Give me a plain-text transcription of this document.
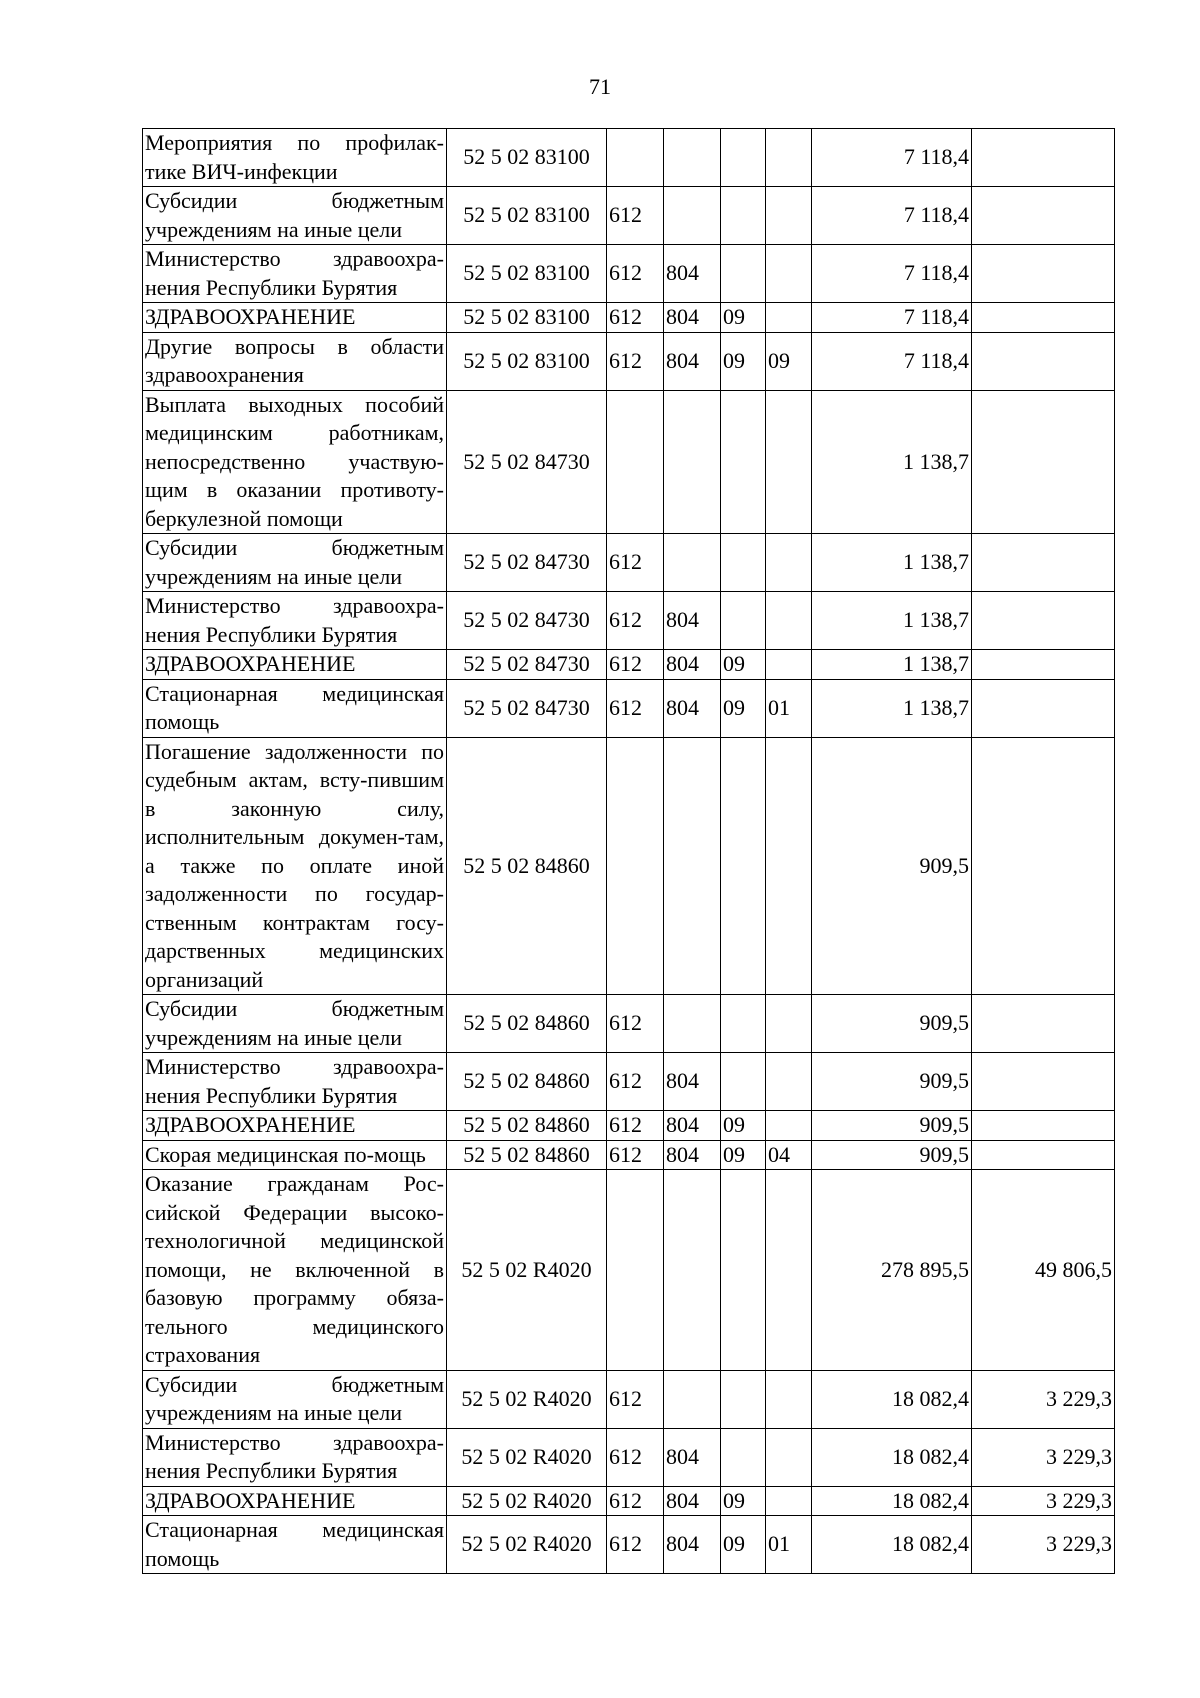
71
Мероприятия по профилак-тике ВИЧ-инфекции	52 5 02 83100					7 118,4	
Субсидии бюджетным учреждениям на иные цели	52 5 02 83100	612				7 118,4	
Министерство здравоохра-нения Республики Бурятия	52 5 02 83100	612	804			7 118,4	
ЗДРАВООХРАНЕНИЕ	52 5 02 83100	612	804	09		7 118,4	
Другие вопросы в области здравоохранения	52 5 02 83100	612	804	09	09	7 118,4	
Выплата выходных пособий медицинским работникам, непосредственно участвую-щим в оказании противоту-беркулезной помощи	52 5 02 84730					1 138,7	
Субсидии бюджетным учреждениям на иные цели	52 5 02 84730	612				1 138,7	
Министерство здравоохра-нения Республики Бурятия	52 5 02 84730	612	804			1 138,7	
ЗДРАВООХРАНЕНИЕ	52 5 02 84730	612	804	09		1 138,7	
Стационарная медицинская помощь	52 5 02 84730	612	804	09	01	1 138,7	
Погашение задолженности по судебным актам, всту-пившим в законную силу, исполнительным докумен-там, а также по оплате иной задолженности по государ-ственным контрактам госу-дарственных медицинских организаций	52 5 02 84860					909,5	
Субсидии бюджетным учреждениям на иные цели	52 5 02 84860	612				909,5	
Министерство здравоохра-нения Республики Бурятия	52 5 02 84860	612	804			909,5	
ЗДРАВООХРАНЕНИЕ	52 5 02 84860	612	804	09		909,5	
Скорая медицинская по-мощь	52 5 02 84860	612	804	09	04	909,5	
Оказание гражданам Рос-сийской Федерации высоко-технологичной медицинской помощи, не включенной в базовую программу обяза-тельного медицинского страхования	52 5 02 R4020					278 895,5	49 806,5
Субсидии бюджетным учреждениям на иные цели	52 5 02 R4020	612				18 082,4	3 229,3
Министерство здравоохра-нения Республики Бурятия	52 5 02 R4020	612	804			18 082,4	3 229,3
ЗДРАВООХРАНЕНИЕ	52 5 02 R4020	612	804	09		18 082,4	3 229,3
Стационарная медицинская помощь	52 5 02 R4020	612	804	09	01	18 082,4	3 229,3
